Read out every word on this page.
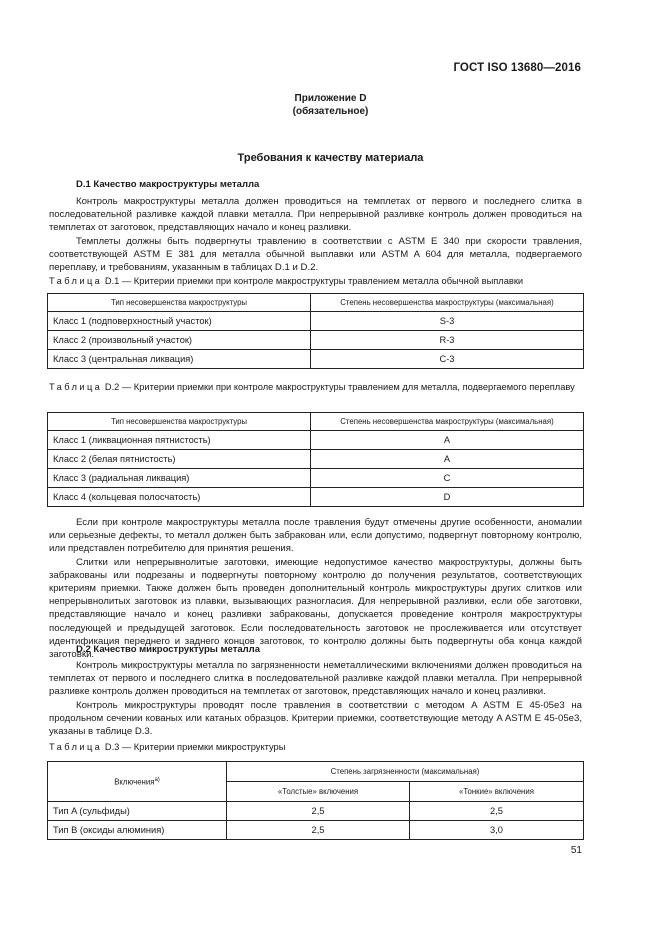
ГОСТ ISO 13680—2016
Приложение D
(обязательное)
Требования к качеству материала
D.1 Качество макроструктуры металла

Контроль макроструктуры металла должен проводиться на темплетах от первого и последнего слитка в последовательной разливке каждой плавки металла. При непрерывной разливке контроль должен проводиться на темплетах от заготовок, представляющих начало и конец разливки.

Темплеты должны быть подвергнуты травлению в соответствии с ASTM E 340 при скорости травления, соответствующей ASTM E 381 для металла обычной выплавки или ASTM A 604 для металла, подвергаемого переплаву, и требованиям, указанным в таблицах D.1 и D.2.

Таблица D.1 — Критерии приемки при контроле макроструктуры травлением металла обычной выплавки
Тип несовершенства макроструктуры	Степень несовершенства макроструктуры (максимальная)
Класс 1 (подповерхностный участок)	S-3
Класс 2 (произвольный участок)	R-3
Класс 3 (центральная ликвация)	C-3
Таблица D.2 — Критерии приемки при контроле макроструктуры травлением для металла, подвергаемого переплаву
Тип несовершенства макроструктуры	Степень несовершенства макроструктуры (максимальная)
Класс 1 (ликвационная пятнистость)	A
Класс 2 (белая пятнистость)	A
Класс 3 (радиальная ликвация)	C
Класс 4 (кольцевая полосчатость)	D

Если при контроле макроструктуры металла после травления будут отмечены другие особенности, аномалии или серьезные дефекты, то металл должен быть забракован или, если допустимо, подвергнут повторному контролю, или представлен потребителю для принятия решения.

Слитки или непрерывнолитые заготовки, имеющие недопустимое качество макроструктуры, должны быть забракованы или подрезаны и подвергнуты повторному контролю до получения результатов, соответствующих критериям приемки. Также должен быть проведен дополнительный контроль микроструктуры других слитков или непрерывнолитых заготовок из плавки, вызывающих разногласия. Для непрерывной разливки, если обе заготовки, представляющие начало и конец разливки забракованы, допускается проведение контроля макроструктуры последующей и предыдущей заготовок. Если последовательность заготовок не прослеживается или отсутствует идентификация переднего и заднего концов заготовок, то контролю должны быть подвергнуты оба конца каждой заготовки.

D.2 Качество микроструктуры металла

Контроль микроструктуры металла по загрязненности неметаллическими включениями должен проводиться на темплетах от первого и последнего слитка в последовательной разливке каждой плавки металла. При непрерывной разливке контроль должен проводиться на темплетах от заготовок, представляющих начало и конец разливки.

Контроль микроструктуры проводят после травления в соответствии с методом A ASTM E 45-05e3 на продольном сечении кованых или катаных образцов. Критерии приемки, соответствующие методу A ASTM E 45-05e3, указаны в таблице D.3.

Таблица D.3 — Критерии приемки микроструктуры
Включения$^{a)}$	Степень загрязненности (максимальная)	
	«Толстые» включения	«Тонкие» включения
Тип A (сульфиды)	2,5	2,5
Тип B (оксиды алюминия)	2,5	3,0
51
